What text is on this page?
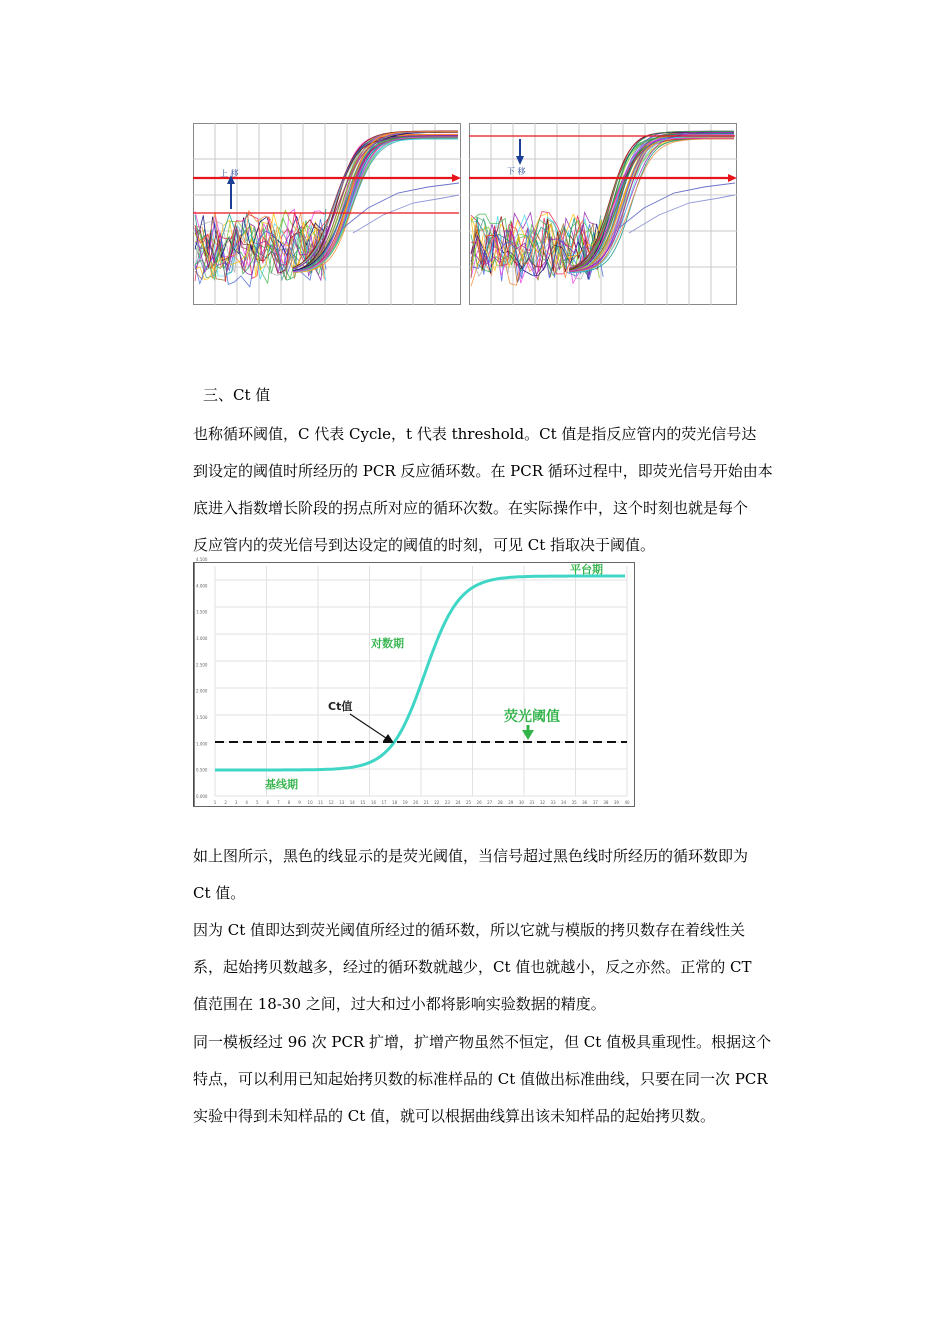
上 移	下 移
三、Ct 值
也称循环阈值，C 代表 Cycle，t 代表 threshold。Ct 值是指反应管内的荧光信号达
到设定的阈值时所经历的 PCR 反应循环数。在 PCR 循环过程中，即荧光信号开始由本
底进入指数增长阶段的拐点所对应的循环次数。在实际操作中，这个时刻也就是每个
反应管内的荧光信号到达设定的阈值的时刻，可见 Ct 指取决于阈值。
0.000
0.500
1.000
1.500
2.000
2.500
3.000
3.500
4.000
4.500
1 2 3 4 5 6 7 8 9 10 11 12 13 14 15 16 17 18 19 20 21 22 23 24 25 26 27 28 29 30 31 32 33 34 35 36 37 38 39 40
平台期
对数期
Ct值
荧光阈值
基线期
如上图所示，黑色的线显示的是荧光阈值，当信号超过黑色线时所经历的循环数即为
Ct 值。
因为 Ct 值即达到荧光阈值所经过的循环数，所以它就与模版的拷贝数存在着线性关
系，起始拷贝数越多，经过的循环数就越少，Ct 值也就越小，反之亦然。正常的 CT
值范围在 18-30 之间，过大和过小都将影响实验数据的精度。
同一模板经过 96 次 PCR 扩增，扩增产物虽然不恒定，但 Ct 值极具重现性。根据这个
特点，可以利用已知起始拷贝数的标准样品的 Ct 值做出标准曲线，只要在同一次 PCR
实验中得到未知样品的 Ct 值，就可以根据曲线算出该未知样品的起始拷贝数。
